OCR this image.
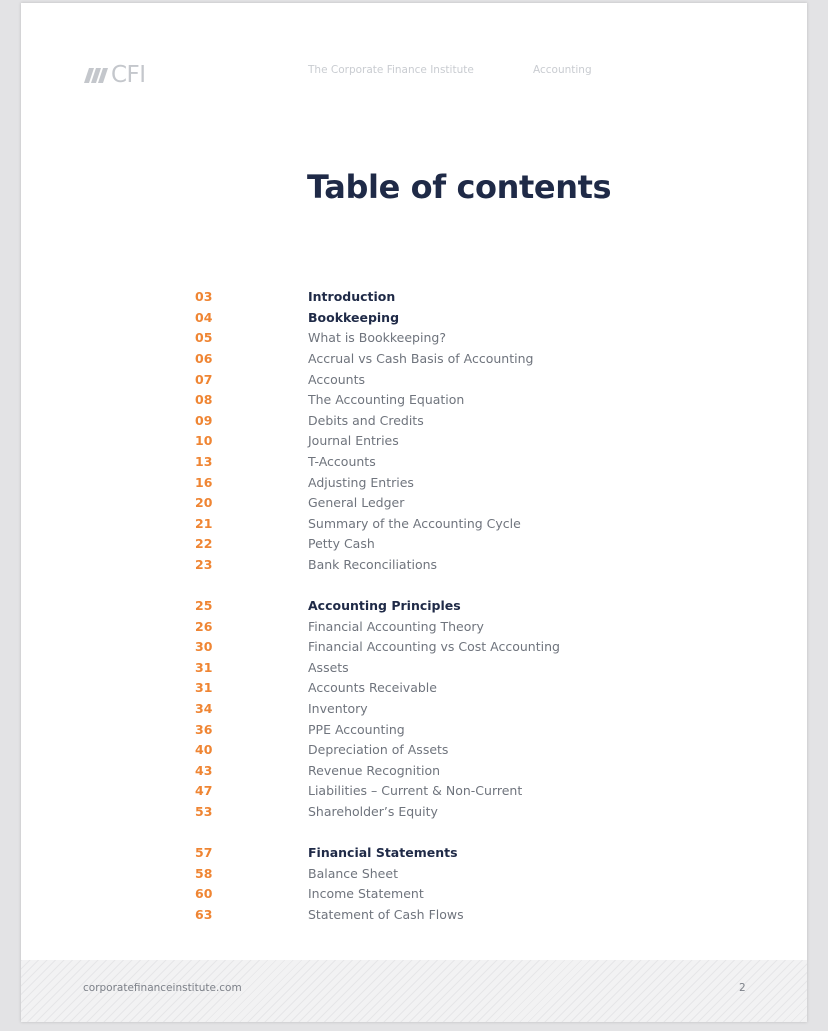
CFI	The Corporate Finance Institute	Accounting
Table of contents
03	Introduction
04	Bookkeeping
05	What is Bookkeeping?
06	Accrual vs Cash Basis of Accounting
07	Accounts
08	The Accounting Equation
09	Debits and Credits
10	Journal Entries
13	T-Accounts
16	Adjusting Entries
20	General Ledger
21	Summary of the Accounting Cycle
22	Petty Cash
23	Bank Reconciliations
25	Accounting Principles
26	Financial Accounting Theory
30	Financial Accounting vs Cost Accounting
31	Assets
31	Accounts Receivable
34	Inventory
36	PPE Accounting
40	Depreciation of Assets
43	Revenue Recognition
47	Liabilities – Current & Non-Current
53	Shareholder’s Equity
57	Financial Statements
58	Balance Sheet
60	Income Statement
63	Statement of Cash Flows
corporatefinanceinstitute.com	2
